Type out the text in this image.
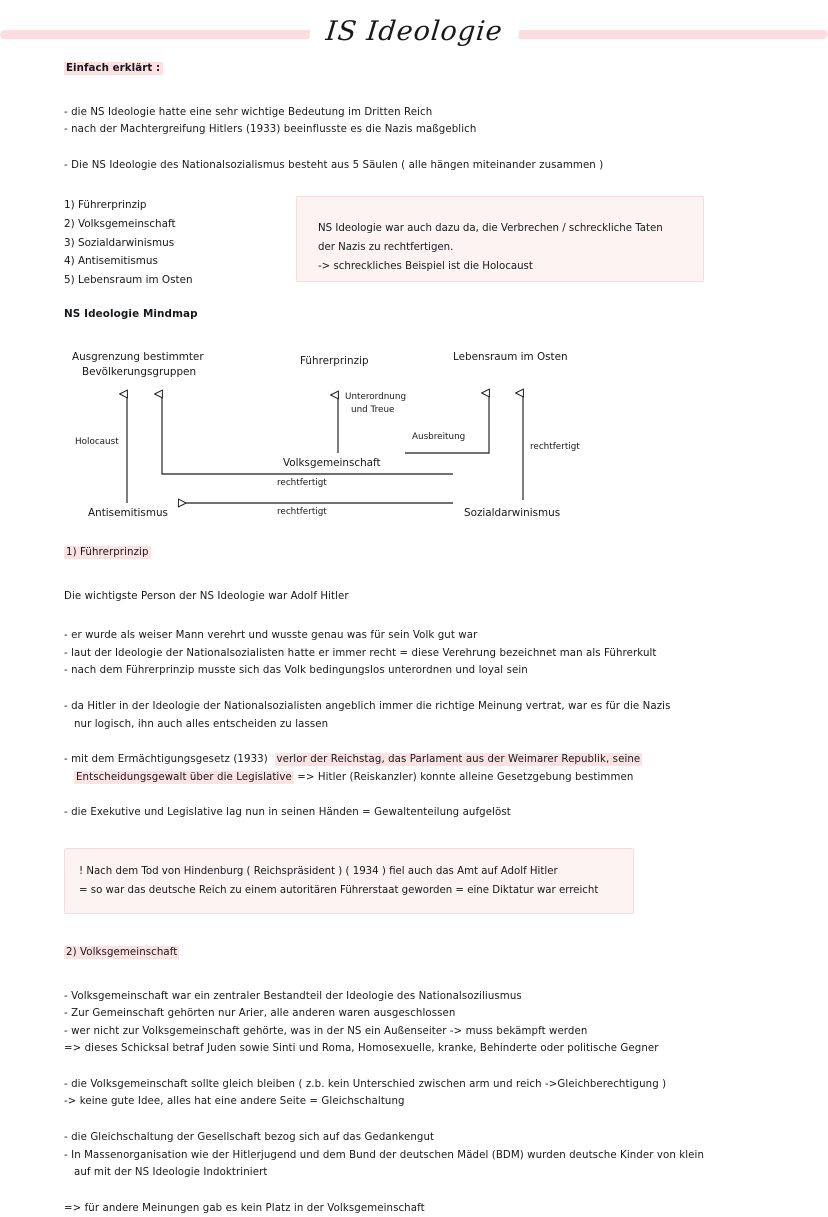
IS Ideologie

Einfach erklärt :

- die NS Ideologie hatte eine sehr wichtige Bedeutung im Dritten Reich

- nach der Machtergreifung Hitlers (1933) beeinflusste es die Nazis maßgeblich

- Die NS Ideologie des Nationalsozialismus besteht aus 5 Säulen ( alle hängen miteinander zusammen )

1) Führerprinzip

2) Volksgemeinschaft

3) Sozialdarwinismus

4) Antisemitismus

5) Lebensraum im Osten

NS Ideologie war auch dazu da, die Verbrechen / schreckliche Taten

der Nazis zu rechtfertigen.

-> schreckliches Beispiel ist die Holocaust

NS Ideologie Mindmap

Ausgrenzung bestimmter
Bevölkerungsgruppen
Führerprinzip	Lebensraum im Osten
Volksgemeinschaft
Antisemitismus	Sozialdarwinismus
Holocaust
Unterordnung
und Treue
Ausbreitung
rechtfertigt
rechtfertigt
rechtfertigt

1) Führerprinzip

Die wichtigste Person der NS Ideologie war Adolf Hitler

- er wurde als weiser Mann verehrt und wusste genau was für sein Volk gut war

- laut der Ideologie der Nationalsozialisten hatte er immer recht = diese Verehrung bezeichnet man als Führerkult

- nach dem Führerprinzip musste sich das Volk bedingungslos unterordnen und loyal sein

- da Hitler in der Ideologie der Nationalsozialisten angeblich immer die richtige Meinung vertrat, war es für die Nazis

nur logisch, ihn auch alles entscheiden zu lassen

- mit dem Ermächtigungsgesetz (1933) verlor der Reichstag, das Parlament aus der Weimarer Republik, seine

Entscheidungsgewalt über die Legislative => Hitler (Reiskanzler) konnte alleine Gesetzgebung bestimmen

- die Exekutive und Legislative lag nun in seinen Händen = Gewaltenteilung aufgelöst

! Nach dem Tod von Hindenburg ( Reichspräsident ) ( 1934 ) fiel auch das Amt auf Adolf Hitler

= so war das deutsche Reich zu einem autoritären Führerstaat geworden = eine Diktatur war erreicht

2) Volksgemeinschaft

- Volksgemeinschaft war ein zentraler Bestandteil der Ideologie des Nationalsoziliusmus

- Zur Gemeinschaft gehörten nur Arier, alle anderen waren ausgeschlossen

- wer nicht zur Volksgemeinschaft gehörte, was in der NS ein Außenseiter -> muss bekämpft werden

=> dieses Schicksal betraf Juden sowie Sinti und Roma, Homosexuelle, kranke, Behinderte oder politische Gegner

- die Volksgemeinschaft sollte gleich bleiben ( z.b. kein Unterschied zwischen arm und reich ->Gleichberechtigung )

-> keine gute Idee, alles hat eine andere Seite = Gleichschaltung

- die Gleichschaltung der Gesellschaft bezog sich auf das Gedankengut

- In Massenorganisation wie der Hitlerjugend und dem Bund der deutschen Mädel (BDM) wurden deutsche Kinder von klein

auf mit der NS Ideologie Indoktriniert

=> für andere Meinungen gab es kein Platz in der Volksgemeinschaft
